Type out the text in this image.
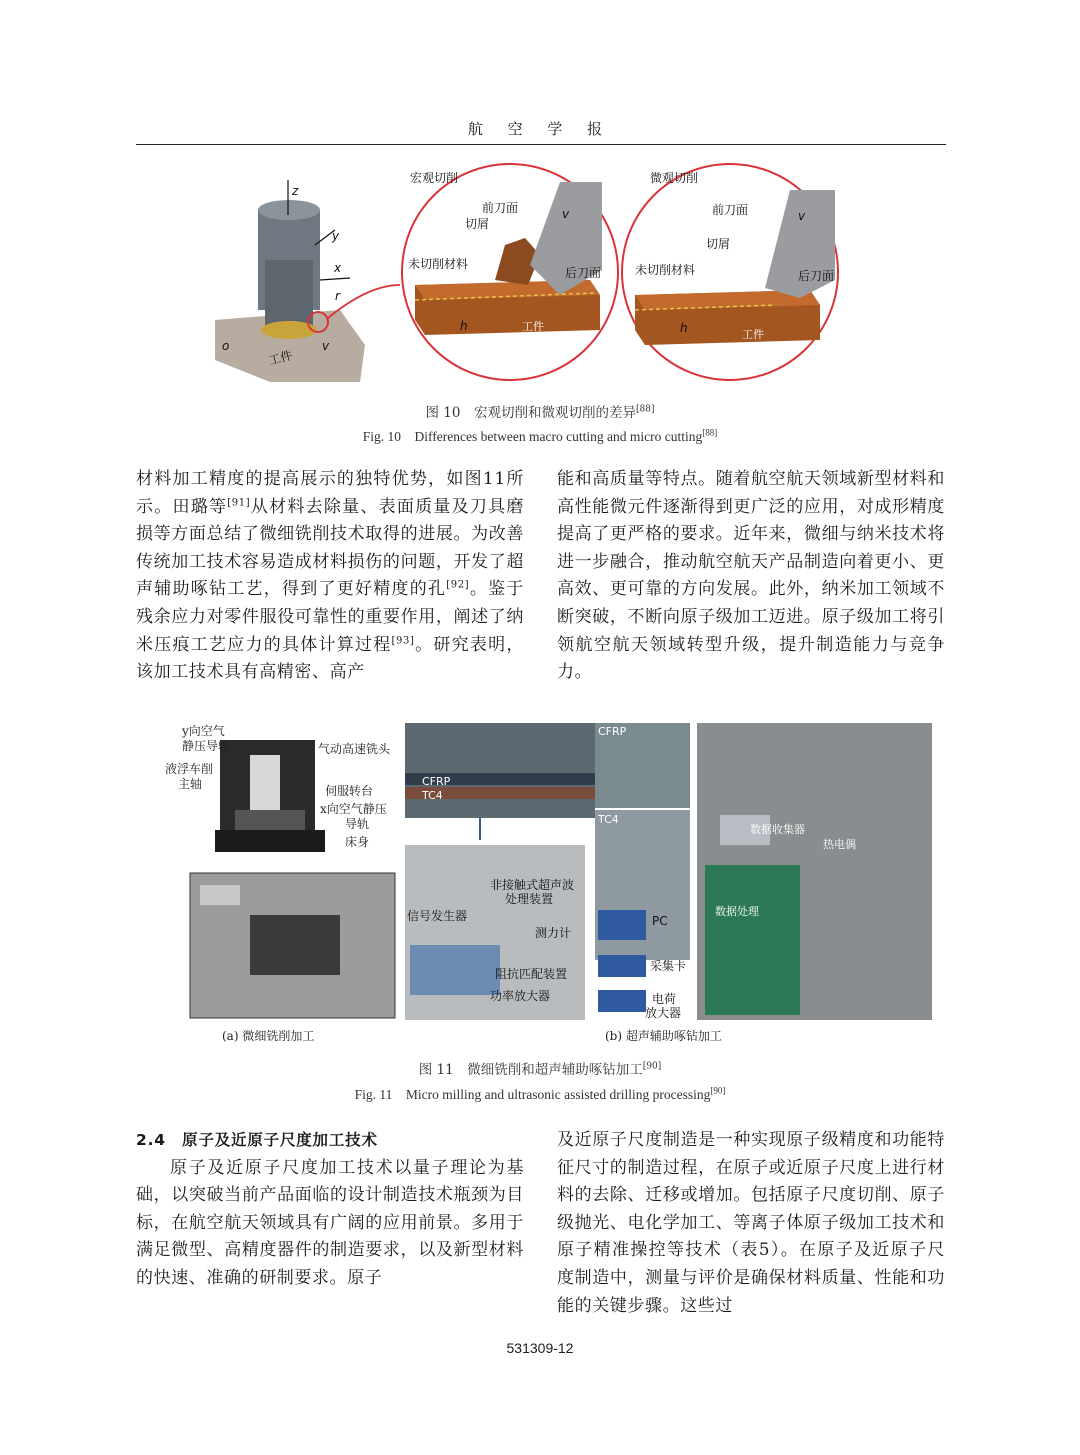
航 空 学 报
z
y
x
o
r
v
工件
宏观切削
前刀面
切屑
未切削材料
后刀面
工件
h
v
微观切削
前刀面
切屑
未切削材料	后刀面
工件
h
v
图 10　宏观切削和微观切削的差异[88]
Fig. 10　Differences between macro cutting and micro cutting[88]

材料加工精度的提高展示的独特优势，如图11所示。田璐等[91]从材料去除量、表面质量及刀具磨损等方面总结了微细铣削技术取得的进展。为改善传统加工技术容易造成材料损伤的问题，开发了超声辅助啄钻工艺，得到了更好精度的孔[92]。鉴于残余应力对零件服役可靠性的重要作用，阐述了纳米压痕工艺应力的具体计算过程[93]。研究表明，该加工技术具有高精密、高产

能和高质量等特点。随着航空航天领域新型材料和高性能微元件逐渐得到更广泛的应用，对成形精度提高了更严格的要求。近年来，微细与纳米技术将进一步融合，推动航空航天产品制造向着更小、更高效、更可靠的方向发展。此外，纳米加工领域不断突破，不断向原子级加工迈进。原子级加工将引领航空航天领域转型升级，提升制造能力与竞争力。

y向空气
静压导轨
液浮车削
主轴
气动高速铣头
伺服转台
x向空气静压
导轨
床身
(a) 微细铣削加工
CFRP
TC4
CFRP
TC4
非接触式超声波
处理装置
信号发生器
测力计
阻抗匹配装置
功率放大器
PC
采集卡
电荷
放大器
数据收集器
热电偶
数据处理
(b) 超声辅助啄钻加工
图 11　微细铣削和超声辅助啄钻加工[90]
Fig. 11　Micro milling and ultrasonic assisted drilling processing[90]
2.4　原子及近原子尺度加工技术

原子及近原子尺度加工技术以量子理论为基础，以突破当前产品面临的设计制造技术瓶颈为目标，在航空航天领域具有广阔的应用前景。多用于满足微型、高精度器件的制造要求，以及新型材料的快速、准确的研制要求。原子

及近原子尺度制造是一种实现原子级精度和功能特征尺寸的制造过程，在原子或近原子尺度上进行材料的去除、迁移或增加。包括原子尺度切削、原子级抛光、电化学加工、等离子体原子级加工技术和原子精准操控等技术（表5）。在原子及近原子尺度制造中，测量与评价是确保材料质量、性能和功能的关键步骤。这些过

531309-12
